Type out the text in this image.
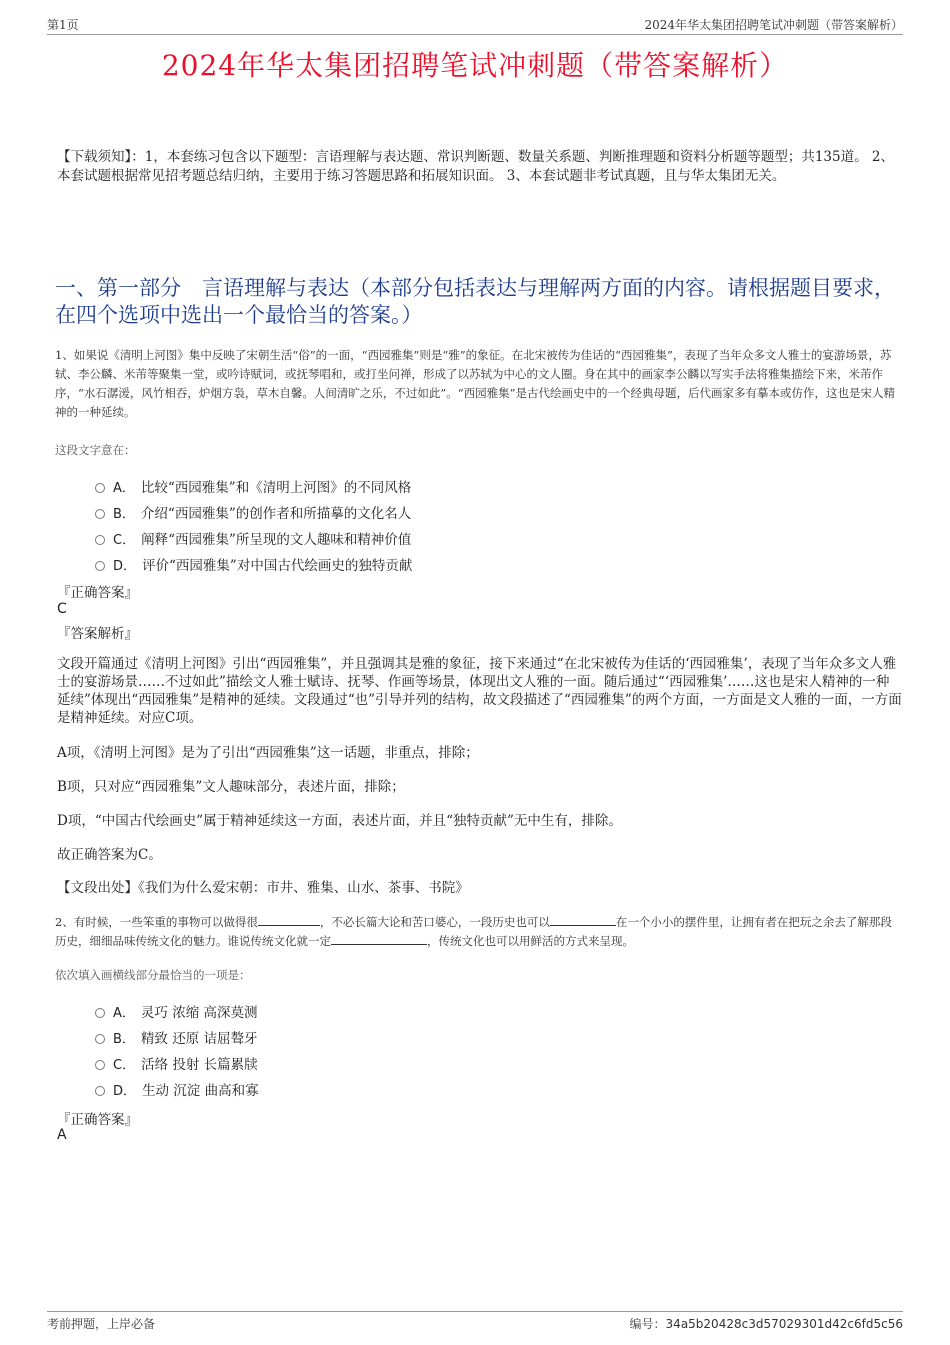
第1页	2024年华太集团招聘笔试冲刺题（带答案解析）
2024年华太集团招聘笔试冲刺题（带答案解析）
【下载须知】：1，本套练习包含以下题型：言语理解与表达题、常识判断题、数量关系题、判断推理题和资料分析题等题型；共135道。 2、本套试题根据常见招考题总结归纳，主要用于练习答题思路和拓展知识面。 3、本套试题非考试真题，且与华太集团无关。
一、第一部分　言语理解与表达（本部分包括表达与理解两方面的内容。请根据题目要求，在四个选项中选出一个最恰当的答案。）
1、如果说《清明上河图》集中反映了宋朝生活“俗”的一面，“西园雅集”则是“雅”的象征。在北宋被传为佳话的“西园雅集”，表现了当年众多文人雅士的宴游场景，苏轼、李公麟、米芾等聚集一堂，或吟诗赋词，或抚琴唱和，或打坐问禅，形成了以苏轼为中心的文人圈。身在其中的画家李公麟以写实手法将雅集描绘下来，米芾作序，“水石潺湲，风竹相吞，炉烟方袅，草木自馨。人间清旷之乐，不过如此”。“西园雅集”是古代绘画史中的一个经典母题，后代画家多有摹本或仿作，这也是宋人精神的一种延续。
这段文字意在：
A． 比较“西园雅集”和《清明上河图》的不同风格
B． 介绍“西园雅集”的创作者和所描摹的文化名人
C． 阐释“西园雅集”所呈现的文人趣味和精神价值
D． 评价“西园雅集”对中国古代绘画史的独特贡献
『正确答案』
C
『答案解析』
文段开篇通过《清明上河图》引出“西园雅集”，并且强调其是雅的象征，接下来通过“在北宋被传为佳话的‘西园雅集’，表现了当年众多文人雅士的宴游场景……不过如此”描绘文人雅士赋诗、抚琴、作画等场景，体现出文人雅的一面。随后通过“‘西园雅集’……这也是宋人精神的一种延续”体现出“西园雅集”是精神的延续。文段通过“也”引导并列的结构，故文段描述了“西园雅集”的两个方面，一方面是文人雅的一面，一方面是精神延续。对应C项。
A项，《清明上河图》是为了引出“西园雅集”这一话题，非重点，排除；
B项，只对应“西园雅集”文人趣味部分，表述片面，排除；
D项，“中国古代绘画史”属于精神延续这一方面，表述片面，并且“独特贡献”无中生有，排除。
故正确答案为C。
【文段出处】《我们为什么爱宋朝：市井、雅集、山水、茶事、书院》
2、有时候，一些笨重的事物可以做得很	，不必长篇大论和苦口婆心，一段历史也可以	在一个小小的摆件里，让拥有者在把玩之余去了解那段历史，细细品味传统文化的魅力。谁说传统文化就一定	，传统文化也可以用鲜活的方式来呈现。
依次填入画横线部分最恰当的一项是：
A． 灵巧 浓缩 高深莫测
B． 精致 还原 诘屈聱牙
C． 活络 投射 长篇累牍
D． 生动 沉淀 曲高和寡
『正确答案』
A
考前押题，上岸必备	编号：34a5b20428c3d57029301d42c6fd5c56
